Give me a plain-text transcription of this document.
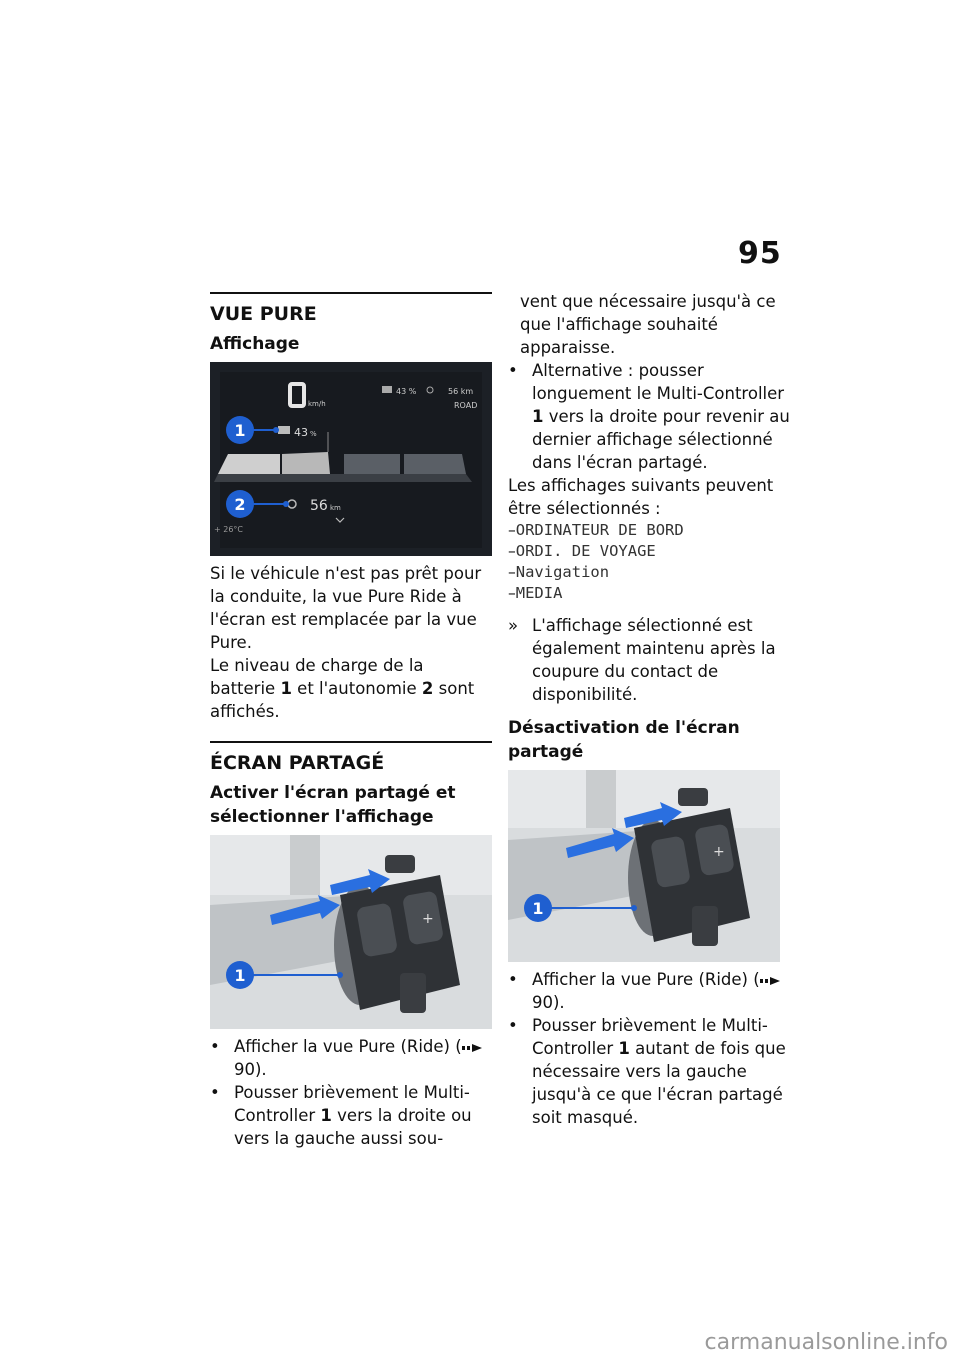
95
VUE PURE
Affichage
km/h
43 %	56 km
ROAD
43 %
56 km
+ 26°C
1
2

Si le véhicule n'est pas prêt pour la conduite, la vue Pure Ride à l'écran est remplacée par la vue Pure.

Le niveau de charge de la batterie 1 et l'autonomie 2 sont affichés.

ÉCRAN PARTAGÉ
Activer l'écran partagé et sélectionner l'affichage
+
1

• Afficher la vue Pure (Ride) (90).

• Pousser brièvement le Multi-Controller 1 vers la droite ou vers la gauche aussi sou-

vent que nécessaire jusqu'à ce que l'affichage souhaité apparaisse.

• Alternative : pousser longuement le Multi-Controller 1 vers la droite pour revenir au dernier affichage sélectionné dans l'écran partagé.

Les affichages suivants peuvent être sélectionnés :

–ORDINATEUR DE BORD

–ORDI. DE VOYAGE

–Navigation

–MEDIA

» L'affichage sélectionné est également maintenu après la coupure du contact de disponibilité.

Désactivation de l'écran partagé
+
1

• Afficher la vue Pure (Ride) (90).

• Pousser brièvement le Multi-Controller 1 autant de fois que nécessaire vers la gauche jusqu'à ce que l'écran partagé soit masqué.

carmanualsonline.info
